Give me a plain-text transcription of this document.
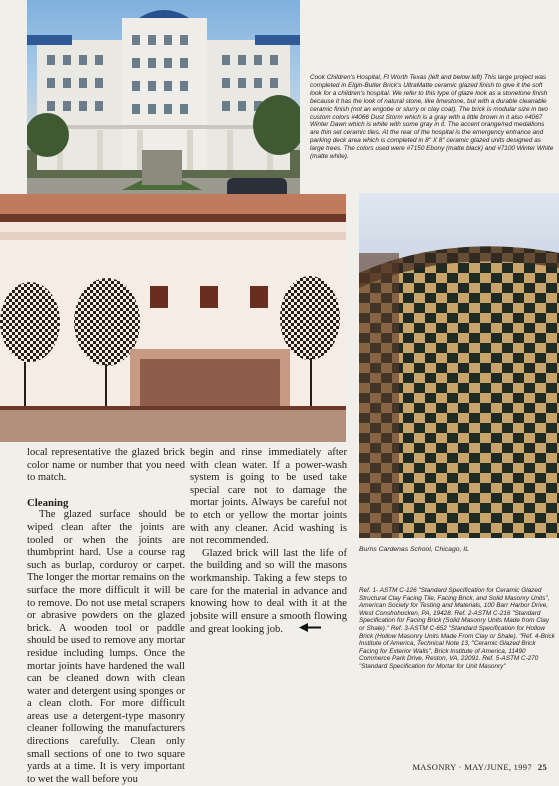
Cook Children's Hospital, Ft Worth Texas (left and below left) This large project was completed in Elgin-Butler Brick's UltraMatte ceramic glazed finish to give it the soft look for a children's hospital. We refer to this type of glaze look as a stonetone finish because it has the look of natural stone, like limestone, but with a durable cleanable ceramic finish (not an engobe or slurry or clay coat). The brick is modular size in two custom colors #4066 Dust Storm which is a gray with a little brown in it also #4067 Winter Dawn which is white with some gray in it. The accent orange/red medallions are thin set ceramic tiles. At the rear of the hospital is the emergency entrance and parking deck area which is completed in 8" X 8" ceramic glazed units designed as large trees. The colors used were #7150 Ebony (matte black) and #7100 Winter White (matte white).
Burns Cardenas School, Chicago, IL
Ref. 1- ASTM C-126 "Standard Specification for Ceramic Glazed Structural Clay Facing Tile, Facing Brick, and Solid Masonry Units", American Society for Testing and Materials, 100 Barr Harbor Drive, West Conshohocken, PA, 19428. Ref. 2-ASTM C-216 "Standard Specification for Facing Brick (Solid Masonry Units Made from Clay or Shale)." Ref. 3-ASTM C-652 "Standard Specification for Hollow Brick (Hollow Masonry Units Made From Clay or Shale). "Ref. 4-Brick Institute of America, Technical Note 13, "Ceramic Glazed Brick Facing for Exterior Walls", Brick Institute of America, 11490 Commerce Park Drive, Reston, VA, 22091. Ref. 5-ASTM C-270 "Standard Specification for Mortar for Unit Masonry"

local representative the glazed brick color name or number that you need to match.

Cleaning

The glazed surface should be wiped clean after the joints are tooled or when the joints are thumbprint hard. Use a course rag such as burlap, corduroy or carpet. The longer the mortar remains on the surface the more difficult it will be to remove. Do not use metal scrapers or abrasive powders on the glazed brick. A wooden tool or paddle should be used to remove any mortar residue including lumps. Once the mortar joints have hardened the wall can be cleaned down with clean water and detergent using sponges or a clean cloth. For more difficult areas use a detergent-type masonry cleaner following the manufacturers directions carefully. Clean only small sections of one to two square yards at a time. It is very important to wet the wall before you

begin and rinse immediately after with clean water. If a power-wash system is going to be used take special care not to damage the mortar joints. Always be careful not to etch or yellow the mortar joints with any cleaner. Acid washing is not recommended.

Glazed brick will last the life of the building and so will the masons workmanship. Taking a few steps to care for the material in advance and knowing how to deal with it at the jobsite will ensure a smooth flowing and great looking job.

MASONRY · MAY/JUNE, 1997 25
